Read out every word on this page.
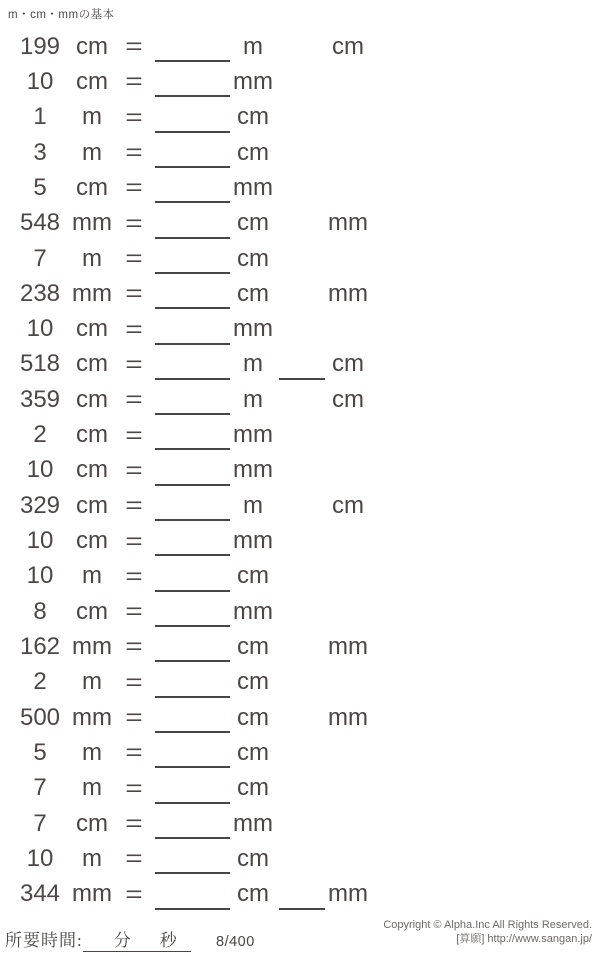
m・cm・mmの基本
199 cm =	m	cm
10 cm =	mm
1	m	=	cm
3	m	=	cm
5	cm =	mm
548 mm =	cm	mm
7	m	=	cm
238 mm =	cm	mm
10 cm =	mm
518 cm =	m	cm
359 cm =	m	cm
2	cm =	mm
10 cm =	mm
329 cm =	m	cm
10 cm =	mm
10	m	=	cm
8	cm =	mm
162 mm =	cm	mm
2	m	=	cm
500 mm =	cm	mm
5	m	=	cm
7	m	=	cm
7	cm =	mm
10	m	=	cm
344 mm =	cm	mm
所要時間: 分 秒	8/400
Copyright © Alpha.Inc All Rights Reserved.
[算願] http://www.sangan.jp/
